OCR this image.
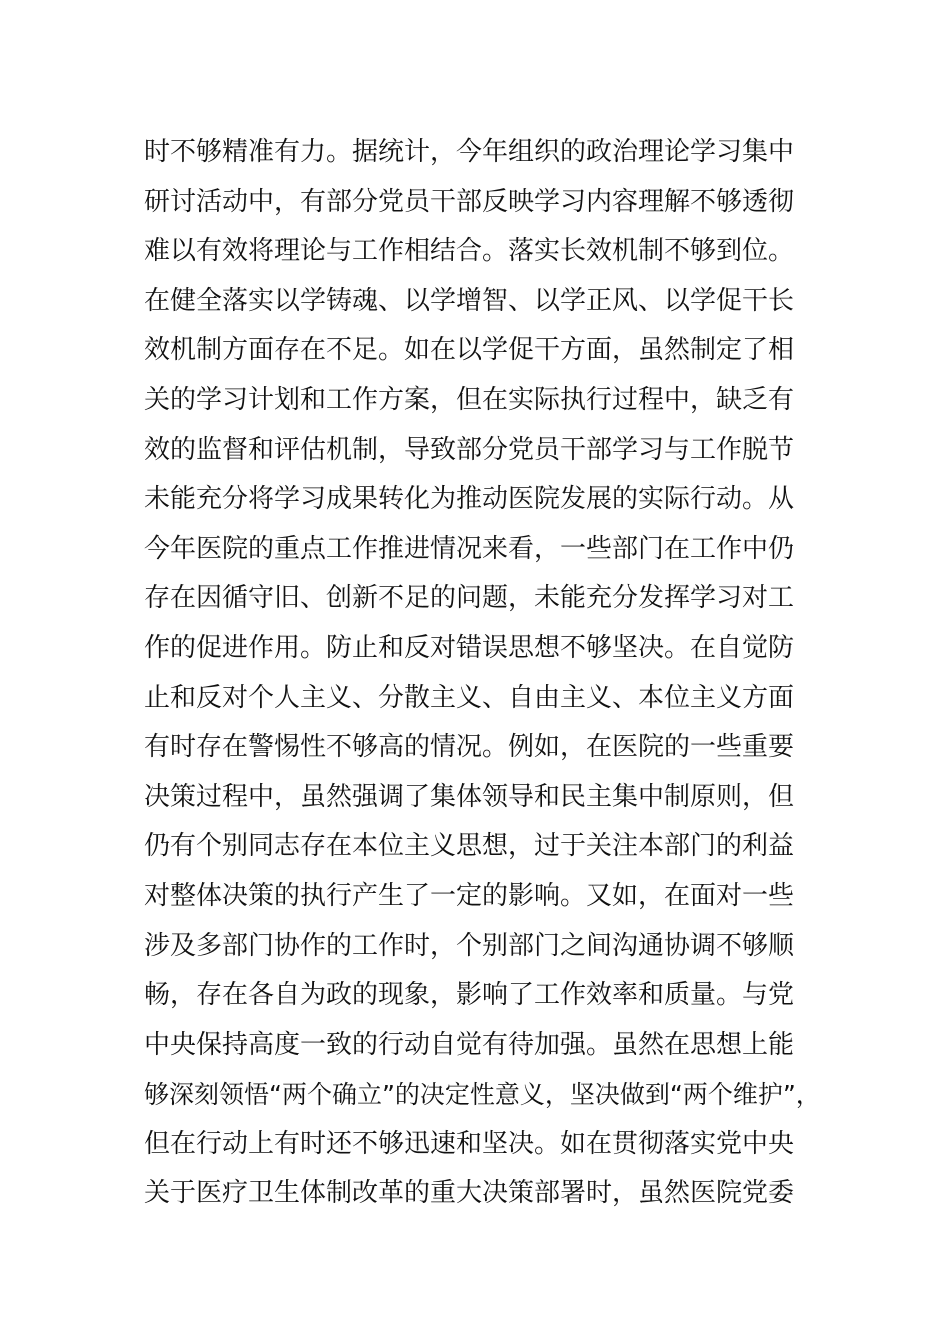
时不够精准有力。据统计，今年组织的政治理论学习集中
研讨活动中，有部分党员干部反映学习内容理解不够透彻
难以有效将理论与工作相结合。落实长效机制不够到位。
在健全落实以学铸魂、以学增智、以学正风、以学促干长
效机制方面存在不足。如在以学促干方面，虽然制定了相
关的学习计划和工作方案，但在实际执行过程中，缺乏有
效的监督和评估机制，导致部分党员干部学习与工作脱节
未能充分将学习成果转化为推动医院发展的实际行动。从
今年医院的重点工作推进情况来看，一些部门在工作中仍
存在因循守旧、创新不足的问题，未能充分发挥学习对工
作的促进作用。防止和反对错误思想不够坚决。在自觉防
止和反对个人主义、分散主义、自由主义、本位主义方面
有时存在警惕性不够高的情况。例如，在医院的一些重要
决策过程中，虽然强调了集体领导和民主集中制原则，但
仍有个别同志存在本位主义思想，过于关注本部门的利益
对整体决策的执行产生了一定的影响。又如，在面对一些
涉及多部门协作的工作时，个别部门之间沟通协调不够顺
畅，存在各自为政的现象，影响了工作效率和质量。与党
中央保持高度一致的行动自觉有待加强。虽然在思想上能
够深刻领悟“两个确立”的决定性意义，坚决做到“两个维护”，
但在行动上有时还不够迅速和坚决。如在贯彻落实党中央
关于医疗卫生体制改革的重大决策部署时，虽然医院党委
